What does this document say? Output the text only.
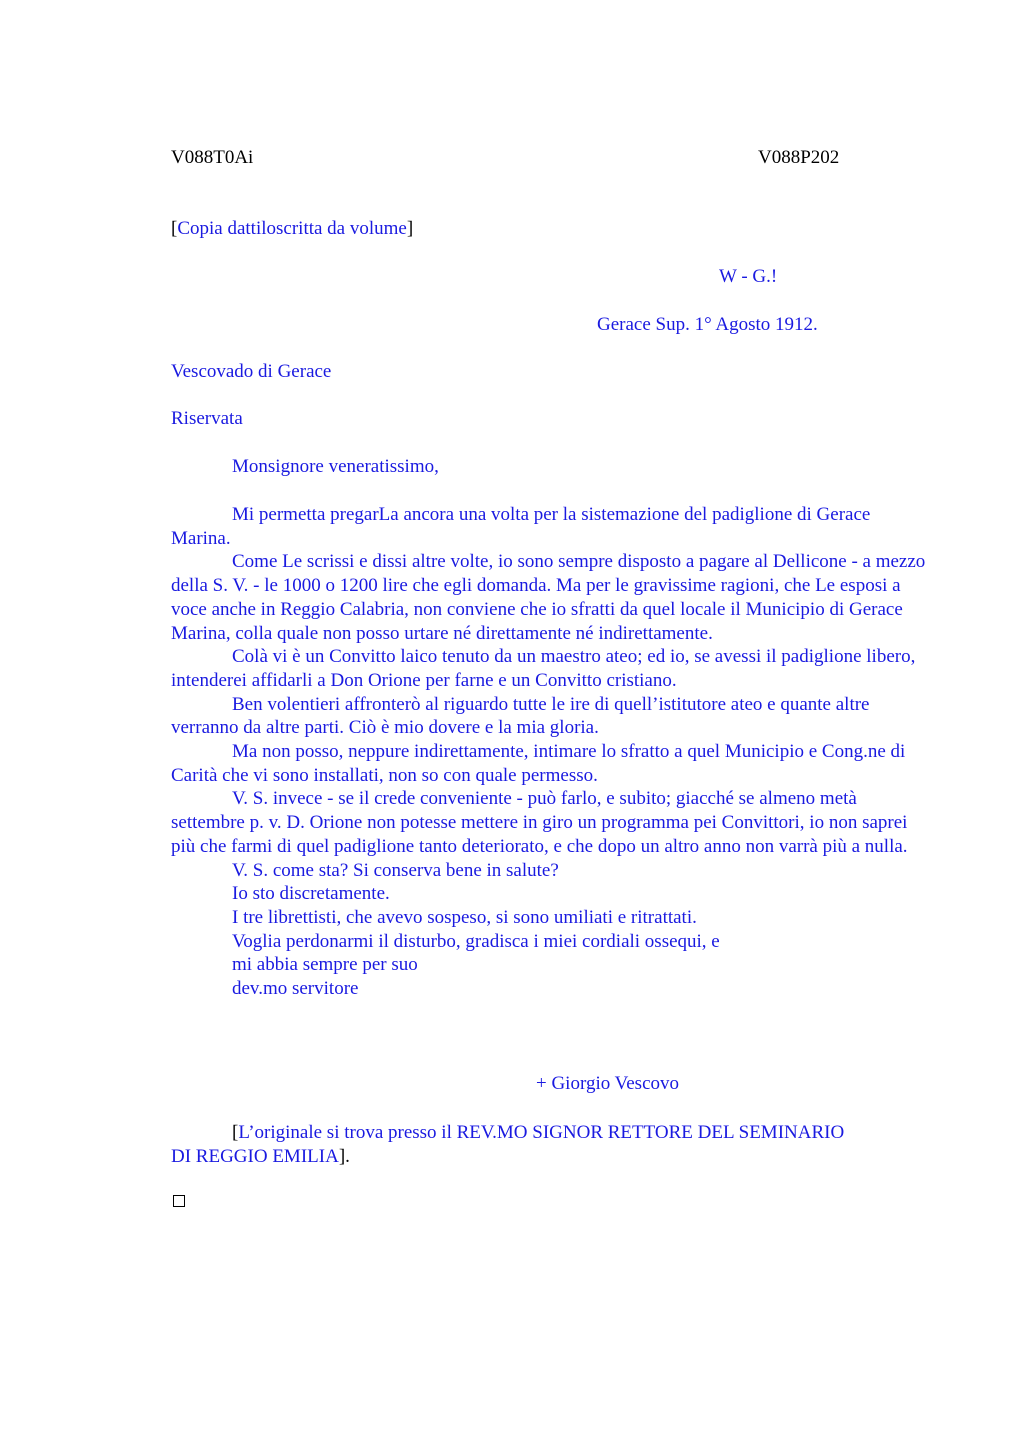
V088T0Ai	V088P202
[Copia dattiloscritta da volume]
W - G.!
Gerace Sup. 1° Agosto 1912.
Vescovado di Gerace
Riservata
Monsignore veneratissimo,

Mi permetta pregarLa ancora una volta per la sistemazione del padiglione di Gerace Marina.

Come Le scrissi e dissi altre volte, io sono sempre disposto a pagare al Dellicone - a mezzo della S. V. - le 1000 o 1200 lire che egli domanda. Ma per le gravissime ragioni, che Le esposi a voce anche in Reggio Calabria, non conviene che io sfratti da quel locale il Municipio di Gerace Marina, colla quale non posso urtare né direttamente né indirettamente.

Colà vi è un Convitto laico tenuto da un maestro ateo; ed io, se avessi il padiglione libero, intenderei affidarli a Don Orione per farne e un Convitto cristiano.

Ben volentieri affronterò al riguardo tutte le ire di quell’istitutore ateo e quante altre verranno da altre parti. Ciò è mio dovere e la mia gloria.

Ma non posso, neppure indirettamente, intimare lo sfratto a quel Municipio e Cong.ne di Carità che vi sono installati, non so con quale permesso.

V. S. invece - se il crede conveniente - può farlo, e subito; giacché se almeno metà settembre p. v. D. Orione non potesse mettere in giro un programma pei Convittori, io non saprei più che farmi di quel padiglione tanto deteriorato, e che dopo un altro anno non varrà più a nulla.

V. S. come sta? Si conserva bene in salute?

Io sto discretamente.

I tre librettisti, che avevo sospeso, si sono umiliati e ritrattati.

Voglia perdonarmi il disturbo, gradisca i miei cordiali ossequi, e

mi abbia sempre per suo

dev.mo servitore

+ Giorgio Vescovo
[L’originale si trova presso il REV.MO SIGNOR RETTORE DEL SEMINARIO
DI REGGIO EMILIA].
